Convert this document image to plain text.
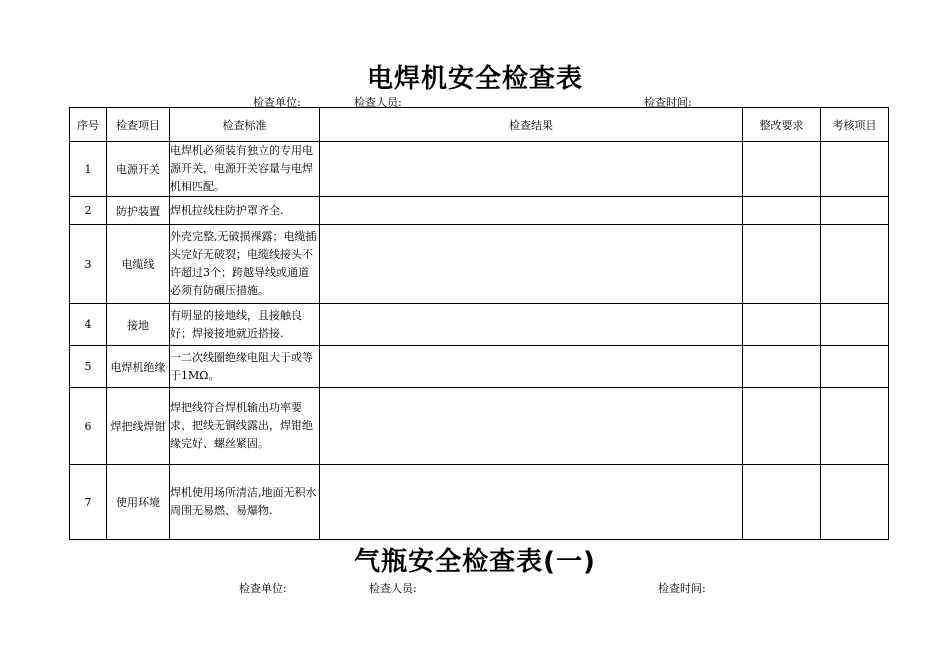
电焊机安全检查表
检查单位:	检查人员:	检查时间:
序号	检查项目	检查标准	检查结果	整改要求	考核项目
1	电源开关	电焊机必须装有独立的专用电源开关，电源开关容量与电焊机相匹配。			
2	防护装置	焊机拉线柱防护罩齐全.			
3	电缆线	外壳完整,无破损裸露；电缆插头完好无破裂；电缆线接头不许超过3个；跨越导线或通道必须有防碾压措施。			
4	接地	有明显的接地线，且接触良好；焊接接地就近搭接.			
5	电焊机绝缘	一二次线圈绝缘电阻大于或等于1MΩ。			
6	焊把线焊钳	焊把线符合焊机输出功率要求、把线无铜线露出，焊钳绝缘完好、螺丝紧固。			
7	使用环境	焊机使用场所清洁,地面无积水周围无易燃、易爆物.			
气瓶安全检查表(一)
检查单位:	检查人员:	检查时间:
